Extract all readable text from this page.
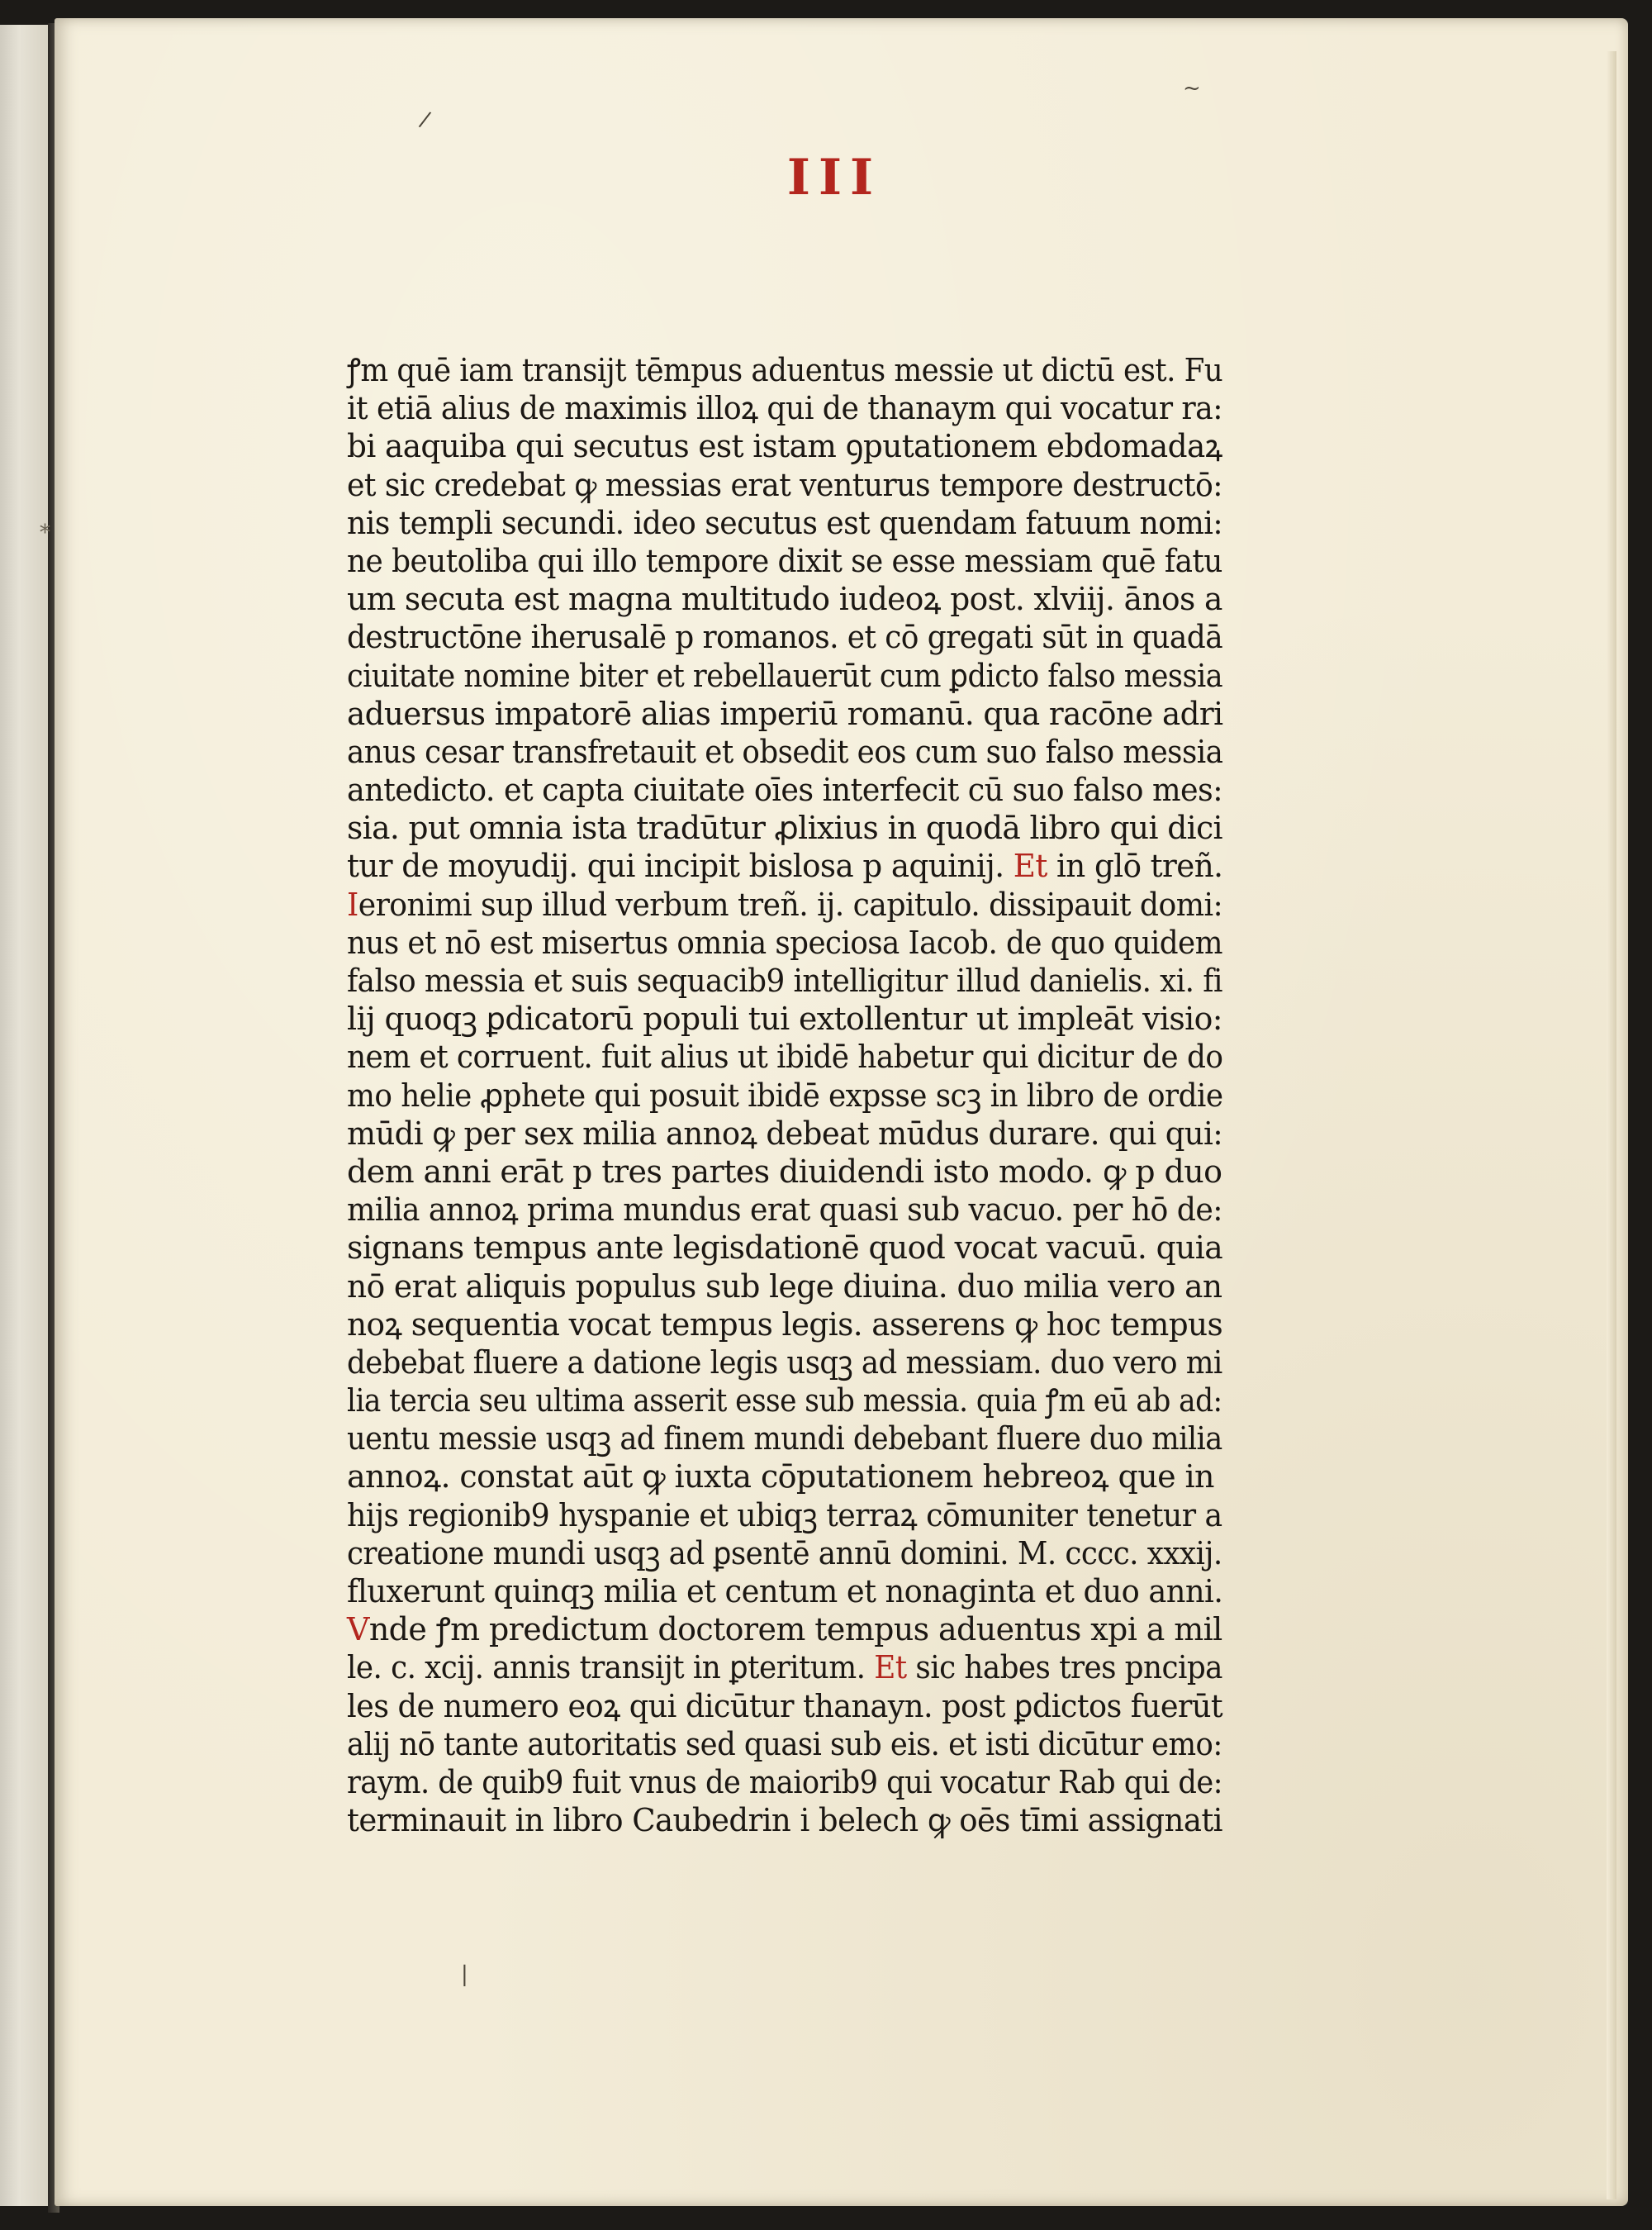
/
~
|
*
III
ꝭm quē iam transijt tēmpus aduentus messie ut dictū est. Fu
it etiā alius de maximis illoꝝ qui de thanaym qui vocatur ra:
bi aaquiba qui secutus est istam ꝯputationem ebdomadaꝝ
et sic credebat ꝙ messias erat venturus tempore destructō:
nis templi secundi. ideo secutus est quendam fatuum nomi:
ne beutoliba qui illo tempore dixit se esse messiam quē fatu
um secuta est magna multitudo iudeoꝝ post. xlviij. ānos a
destructōne iherusalē p romanos. et cō gregati sūt in quadā
ciuitate nomine biter et rebellauerūt cum ꝑdicto falso messia
aduersus impatorē alias imperiū romanū. qua racōne adri
anus cesar transfretauit et obsedit eos cum suo falso messia
antedicto. et capta ciuitate oīes interfecit cū suo falso mes:
sia. put omnia ista tradūtur ꝓlixius in quodā libro qui dici
tur de moyudij. qui incipit bislosa p aquinij. Et in glō treñ.
Ieronimi sup illud verbum treñ. ij. capitulo. dissipauit domi:
nus et nō est misertus omnia speciosa Iacob. de quo quidem
falso messia et suis sequacib9 intelligitur illud danielis. xi. fi
lij quoqꝫ ꝑdicatorū populi tui extollentur ut impleāt visio:
nem et corruent. fuit alius ut ibidē habetur qui dicitur de do
mo helie ꝓphete qui posuit ibidē expsse scꝫ in libro de ordie
mūdi ꝙ per sex milia annoꝝ debeat mūdus durare. qui qui:
dem anni erāt p tres partes diuidendi isto modo. ꝙ p duo
milia annoꝝ prima mundus erat quasi sub vacuo. per hō de:
signans tempus ante legisdationē quod vocat vacuū. quia
nō erat aliquis populus sub lege diuina. duo milia vero an
noꝝ sequentia vocat tempus legis. asserens ꝙ hoc tempus
debebat fluere a datione legis usqꝫ ad messiam. duo vero mi
lia tercia seu ultima asserit esse sub messia. quia ꝭm eū ab ad:
uentu messie usqꝫ ad finem mundi debebant fluere duo milia
annoꝝ. constat aūt ꝙ iuxta cōputationem hebreoꝝ que in
hijs regionib9 hyspanie et ubiqꝫ terraꝝ cōmuniter tenetur a
creatione mundi usqꝫ ad ꝑsentē annū domini. M. cccc. xxxij.
fluxerunt quinqꝫ milia et centum et nonaginta et duo anni.
Vnde ꝭm predictum doctorem tempus aduentus xpi a mil
le. c. xcij. annis transijt in ꝑteritum. Et sic habes tres pncipa
les de numero eoꝝ qui dicūtur thanayn. post ꝑdictos fuerūt
alij nō tante autoritatis sed quasi sub eis. et isti dicūtur emo:
raym. de quib9 fuit vnus de maiorib9 qui vocatur Rab qui de:
terminauit in libro Caubedrin i belech ꝙ oēs tīmi assignati
